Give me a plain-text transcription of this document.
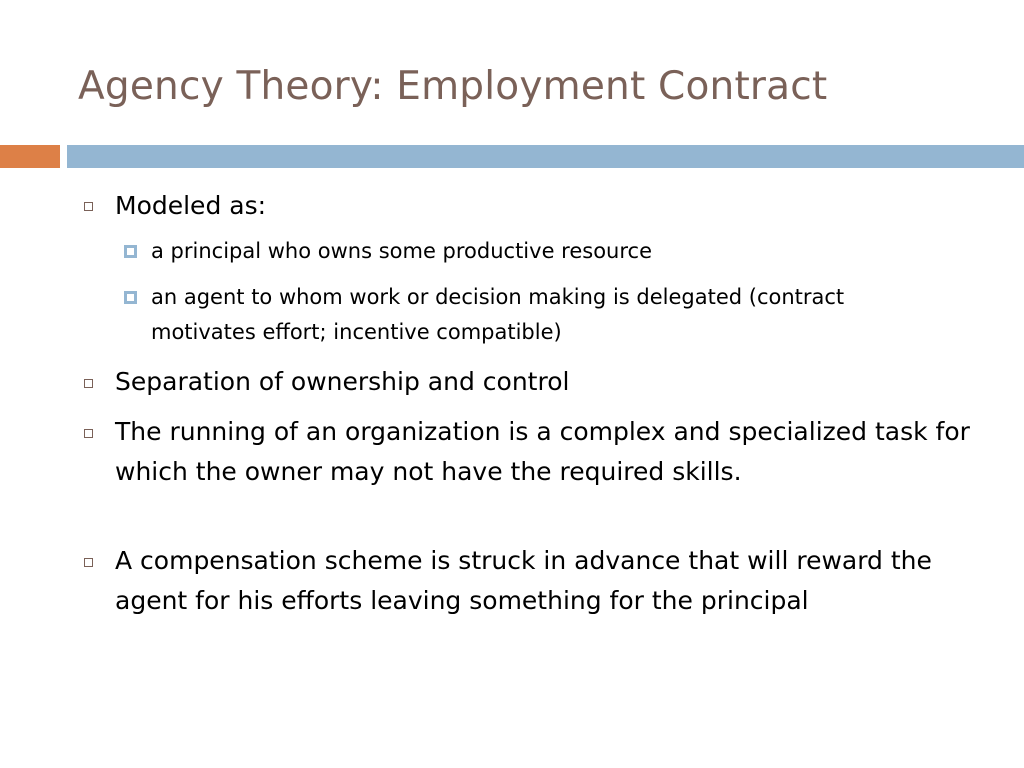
Agency Theory: Employment Contract
Modeled as:
a principal who owns some productive resource
an agent to whom work or decision making is delegated (contract motivates effort; incentive compatible)
Separation of ownership and control
The running of an organization is a complex and specialized task for which the owner may not have the required skills.
A compensation scheme is struck in advance that will reward the agent for his efforts leaving something for the principal
